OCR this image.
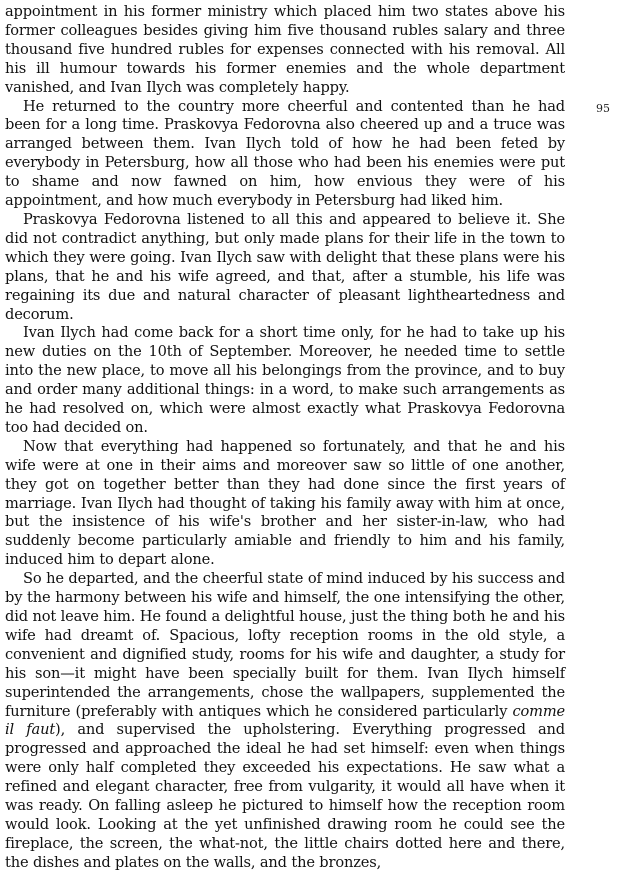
appointment in his former ministry which placed him two states above his former colleagues besides giving him five thousand rubles salary and three thousand five hundred rubles for expenses connected with his removal. All his ill humour towards his former enemies and the whole department vanished, and Ivan Ilych was completely happy.

He returned to the country more cheerful and contented than he had been for a long time. Praskovya Fedorovna also cheered up and a truce was arranged between them. Ivan Ilych told of how he had been feted by everybody in Petersburg, how all those who had been his enemies were put to shame and now fawned on him, how envious they were of his appointment, and how much everybody in Petersburg had liked him.

Praskovya Fedorovna listened to all this and appeared to believe it. She did not contradict anything, but only made plans for their life in the town to which they were going. Ivan Ilych saw with delight that these plans were his plans, that he and his wife agreed, and that, after a stumble, his life was regaining its due and natural character of pleasant lightheartedness and decorum.

Ivan Ilych had come back for a short time only, for he had to take up his new duties on the 10th of September. Moreover, he needed time to settle into the new place, to move all his belongings from the province, and to buy and order many additional things: in a word, to make such arrangements as he had resolved on, which were almost exactly what Praskovya Fedorovna too had decided on.

Now that everything had happened so fortunately, and that he and his wife were at one in their aims and moreover saw so little of one another, they got on together better than they had done since the first years of marriage. Ivan Ilych had thought of taking his family away with him at once, but the insistence of his wife's brother and her sister-in-law, who had suddenly become particularly amiable and friendly to him and his family, induced him to depart alone.

So he departed, and the cheerful state of mind induced by his success and by the harmony between his wife and himself, the one intensifying the other, did not leave him. He found a delightful house, just the thing both he and his wife had dreamt of. Spacious, lofty reception rooms in the old style, a convenient and dignified study, rooms for his wife and daughter, a study for his son—it might have been specially built for them. Ivan Ilych himself superintended the arrangements, chose the wallpapers, supplemented the furniture (preferably with antiques which he considered particularly comme il faut), and supervised the upholstering. Everything progressed and progressed and approached the ideal he had set himself: even when things were only half completed they exceeded his expectations. He saw what a refined and elegant character, free from vulgarity, it would all have when it was ready. On falling asleep he pictured to himself how the reception room would look. Looking at the yet unfinished drawing room he could see the fireplace, the screen, the what-not, the little chairs dotted here and there, the dishes and plates on the walls, and the bronzes,

95
